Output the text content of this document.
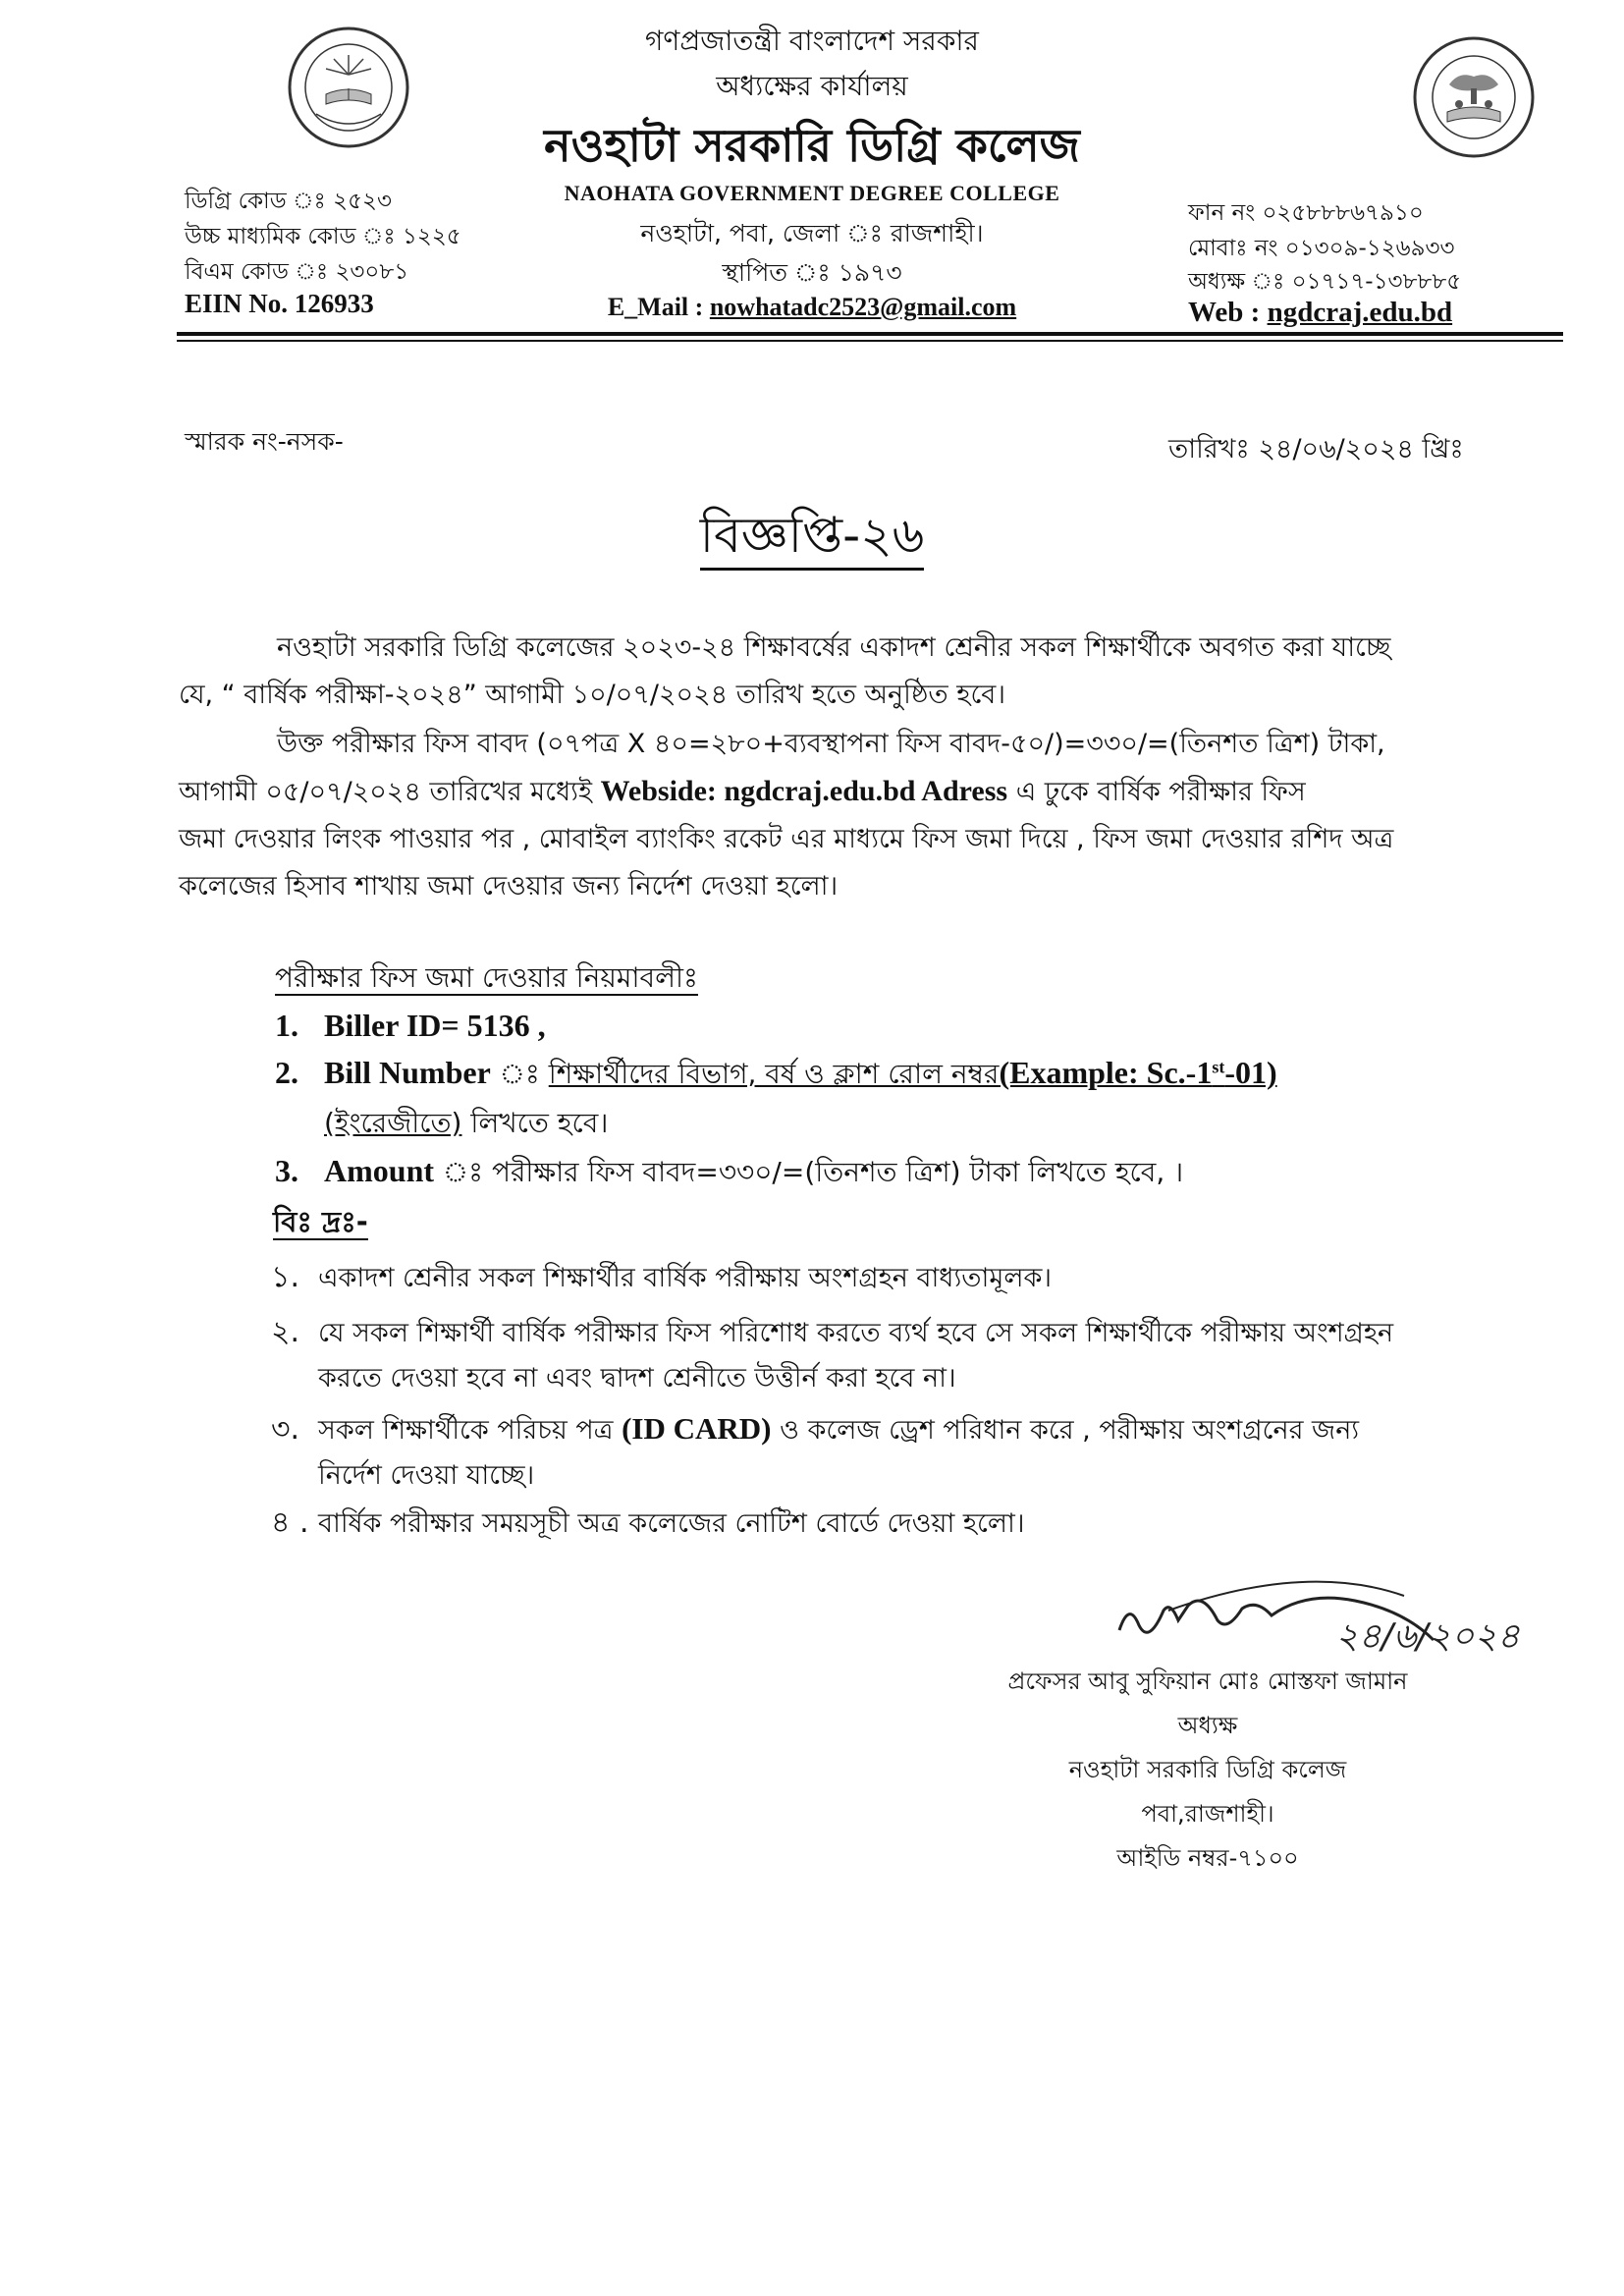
গণপ্রজাতন্ত্রী বাংলাদেশ সরকার
অধ্যক্ষের কার্যালয়
নওহাটা সরকারি ডিগ্রি কলেজ
NAOHATA GOVERNMENT DEGREE COLLEGE
নওহাটা, পবা, জেলা ঃ রাজশাহী।
স্থাপিত ঃ ১৯৭৩
E_Mail : nowhatadc2523@gmail.com
ডিগ্রি কোড ঃ ২৫২৩
উচ্চ মাধ্যমিক কোড ঃ ১২২৫
বিএম কোড ঃ ২৩০৮১
EIIN No. 126933
ফান নং ০২৫৮৮৮৬৭৯১০
মোবাঃ নং ০১৩০৯-১২৬৯৩৩
অধ্যক্ষ ঃ ০১৭১৭-১৩৮৮৮৫
Web : ngdcraj.edu.bd
স্মারক নং-নসক-	তারিখঃ ২৪/০৬/২০২৪ খ্রিঃ
বিজ্ঞপ্তি-২৬
নওহাটা সরকারি ডিগ্রি কলেজের ২০২৩-২৪ শিক্ষাবর্ষের একাদশ শ্রেনীর সকল শিক্ষার্থীকে অবগত করা যাচ্ছে
যে, “ বার্ষিক পরীক্ষা-২০২৪” আগামী ১০/০৭/২০২৪ তারিখ হতে অনুষ্ঠিত হবে।
উক্ত পরীক্ষার ফিস বাবদ (০৭পত্র X ৪০=২৮০+ব্যবস্থাপনা ফিস বাবদ-৫০/)=৩৩০/=(তিনশত ত্রিশ) টাকা,
আগামী ০৫/০৭/২০২৪ তারিখের মধ্যেই Webside: ngdcraj.edu.bd Adress এ ঢুকে বার্ষিক পরীক্ষার ফিস
জমা দেওয়ার লিংক পাওয়ার পর , মোবাইল ব্যাংকিং রকেট এর মাধ্যমে ফিস জমা দিয়ে , ফিস জমা দেওয়ার রশিদ অত্র
কলেজের হিসাব শাখায় জমা দেওয়ার জন্য নির্দেশ দেওয়া হলো।
পরীক্ষার ফিস জমা দেওয়ার নিয়মাবলীঃ
1. Biller ID= 5136 ,
2. Bill Number ঃ শিক্ষার্থীদের বিভাগ, বর্ষ ও ক্লাশ রোল নম্বর(Example: Sc.-1st-01)
(ইংরেজীতে) লিখতে হবে।
3. Amount ঃ পরীক্ষার ফিস বাবদ=৩৩০/=(তিনশত ত্রিশ) টাকা লিখতে হবে, ।
বিঃ দ্রঃ-
১. একাদশ শ্রেনীর সকল শিক্ষার্থীর বার্ষিক পরীক্ষায় অংশগ্রহন বাধ্যতামূলক।
২. যে সকল শিক্ষার্থী বার্ষিক পরীক্ষার ফিস পরিশোধ করতে ব্যর্থ হবে সে সকল শিক্ষার্থীকে পরীক্ষায় অংশগ্রহন
করতে দেওয়া হবে না এবং দ্বাদশ শ্রেনীতে উত্তীর্ন করা হবে না।
৩. সকল শিক্ষার্থীকে পরিচয় পত্র (ID CARD) ও কলেজ ড্রেশ পরিধান করে , পরীক্ষায় অংশগ্রনের জন্য
নির্দেশ দেওয়া যাচ্ছে।
৪ . বার্ষিক পরীক্ষার সময়সূচী অত্র কলেজের নোটিশ বোর্ডে দেওয়া হলো।
২৪/৬/২০২৪
প্রফেসর আবু সুফিয়ান মোঃ মোস্তফা জামান
অধ্যক্ষ
নওহাটা সরকারি ডিগ্রি কলেজ
পবা,রাজশাহী।
আইডি নম্বর-৭১০০
